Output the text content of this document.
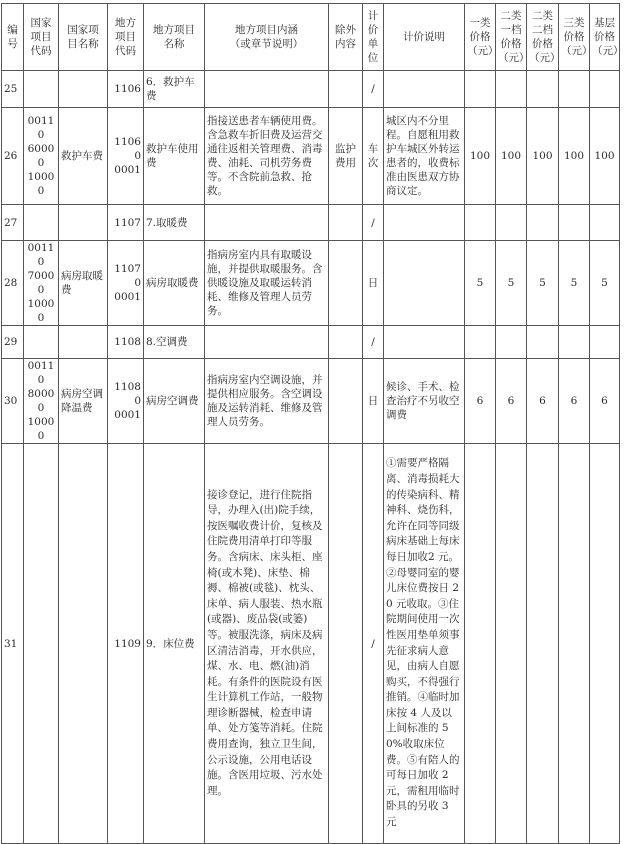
编
号	国家
项目
代码	国家项
目名称	地方
项目
代码	地方项目
名称	地方项目内涵
（或章节说明）	除外
内容	计
价
单
位	计价说明	一类
价格
（元）	二类
一档
价格
（元）	二类
二档
价格
（元）	三类
价格
（元）	基层
价格
（元）
25			1106	6．救护车费			/						
26	00110
60000
10000	救护车费	11060
0001	救护车使用费	指接送患者车辆使用费。含急救车折旧费及运营交通往返相关管理费、消毒费、油耗、司机劳务费等。不含院前急救、抢救。	监护
费用	车
次	城区内不分里程。自愿租用救护车城区外转运患者的，收费标准由医患双方协商议定。	100	100	100	100	100
27			1107	7.取暖费			/						
28	00110
70000
10000	病房取暖费	11070
0001	病房取暖费	指病房室内具有取暖设施，并提供取暖服务。含供暖设施及取暖运转消耗、维修及管理人员劳务。		日		5	5	5	5	5
29			1108	8.空调费			/						
30	00110
80000
10000	病房空调降温费	11080
0001	病房空调费	指病房室内空调设施，并提供相应服务。含空调设施及运转消耗、维修及管理人员劳务。		日	候诊、手术、检查治疗不另收空调费	6	6	6	6	6
31			1109	9．床位费	接诊登记，进行住院指导，办理入(出)院手续，按医嘱收费计价，复核及住院费用清单打印等服务。含病床、床头柜、座椅(或木凳)、床垫、棉褥、棉被(或毯)、枕头、床单、病人服装、热水瓶(或器)、废品袋(或篓)等。被服洗涤，病床及病区清洁消毒，开水供应，煤、水、电、燃(油)消耗。有条件的医院设有医生计算机工作站，一般物理诊断器械，检查申请单、处方笺等消耗。住院费用查询，独立卫生间，公示设施，公用电话设施。含医用垃圾、污水处理。		/	①需要严格隔离、消毒损耗大的传染病科、精神科、烧伤科，允许在同等同级病床基础上每床每日加收2 元。②母婴同室的婴儿床位费按日 20 元收取。③住院期间使用一次性医用垫单须事先征求病人意见，由病人自愿购买，不得强行推销。④临时加床按 4 人及以上间标准的 50%收取床位费。⑤有陪人的可每日加收 2 元，需租用临时卧具的另收 3 元					
